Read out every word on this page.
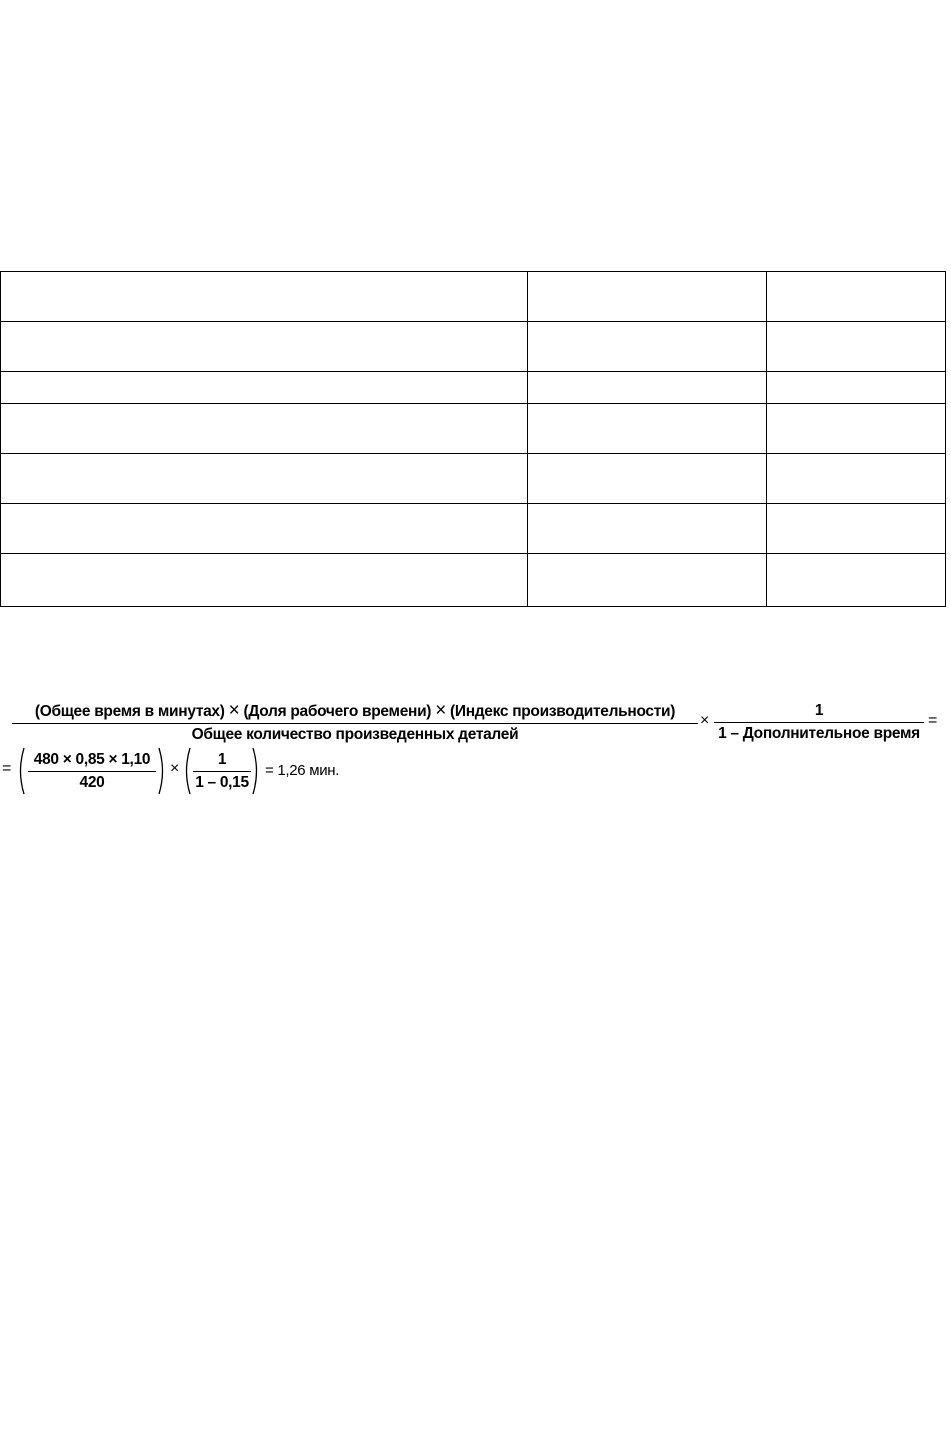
(Общее время в минутах) × (Доля рабочего времени) × (Индекс производительности)
Общее количество произведенных деталей
×
1
1 – Дополнительное время
=
=
480 × 0,85 × 1,10
420
×
1
1 – 0,15
= 1,26 мин.
